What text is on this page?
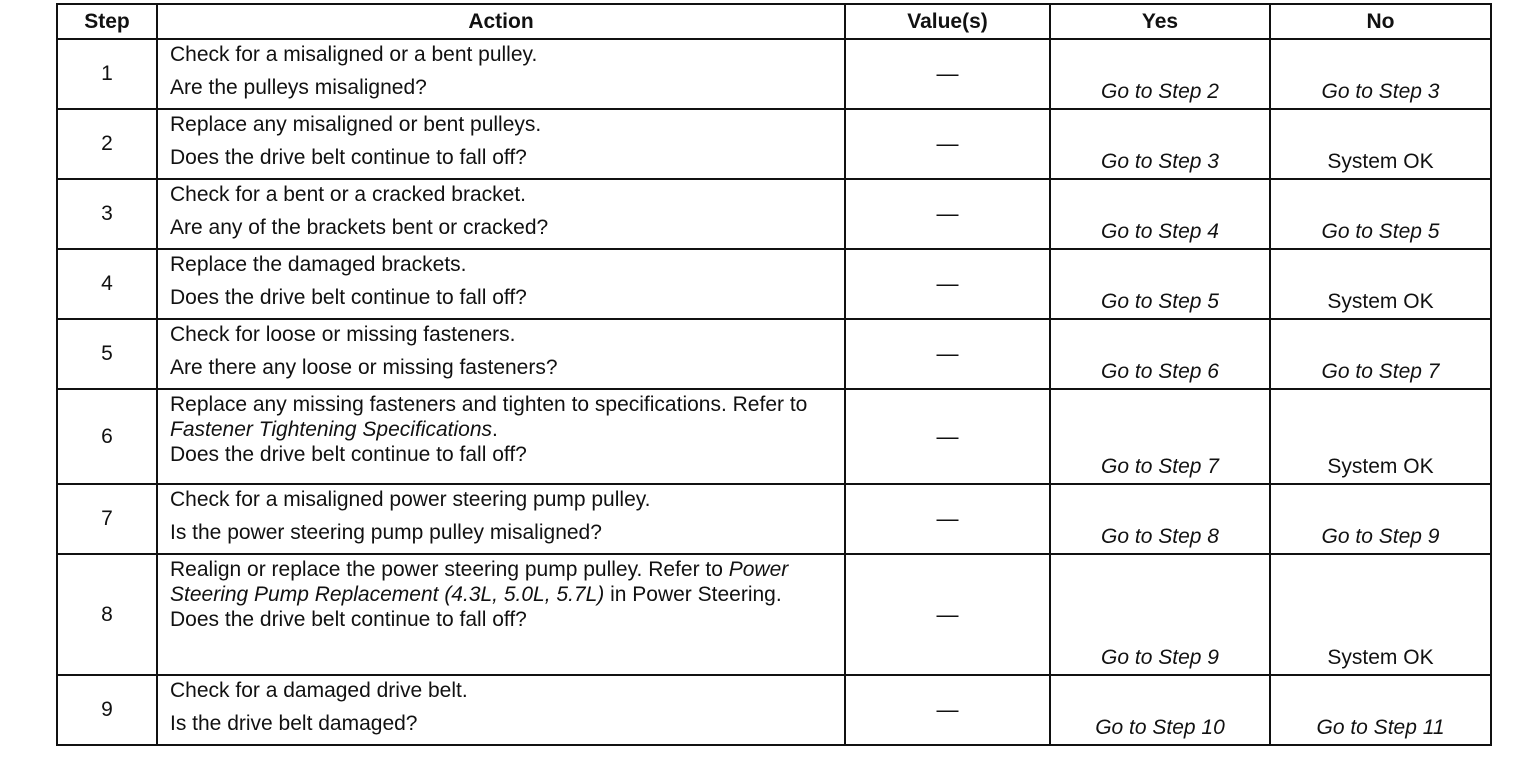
Step	Action	Value(s)	Yes	No
1	Check for a misaligned or a bent pulley.
Are the pulleys misaligned?	—	Go to Step 2	Go to Step 3
2	Replace any misaligned or bent pulleys.
Does the drive belt continue to fall off?	—	Go to Step 3	System OK
3	Check for a bent or a cracked bracket.
Are any of the brackets bent or cracked?	—	Go to Step 4	Go to Step 5
4	Replace the damaged brackets.
Does the drive belt continue to fall off?	—	Go to Step 5	System OK
5	Check for loose or missing fasteners.
Are there any loose or missing fasteners?	—	Go to Step 6	Go to Step 7
6	Replace any missing fasteners and tighten to specifications. Refer to Fastener Tightening Specifications.
Does the drive belt continue to fall off?	—	Go to Step 7	System OK
7	Check for a misaligned power steering pump pulley.
Is the power steering pump pulley misaligned?	—	Go to Step 8	Go to Step 9
8	Realign or replace the power steering pump pulley. Refer to Power Steering Pump Replacement (4.3L, 5.0L, 5.7L) in Power Steering.
Does the drive belt continue to fall off?	—	Go to Step 9	System OK
9	Check for a damaged drive belt.
Is the drive belt damaged?	—	Go to Step 10	Go to Step 11
